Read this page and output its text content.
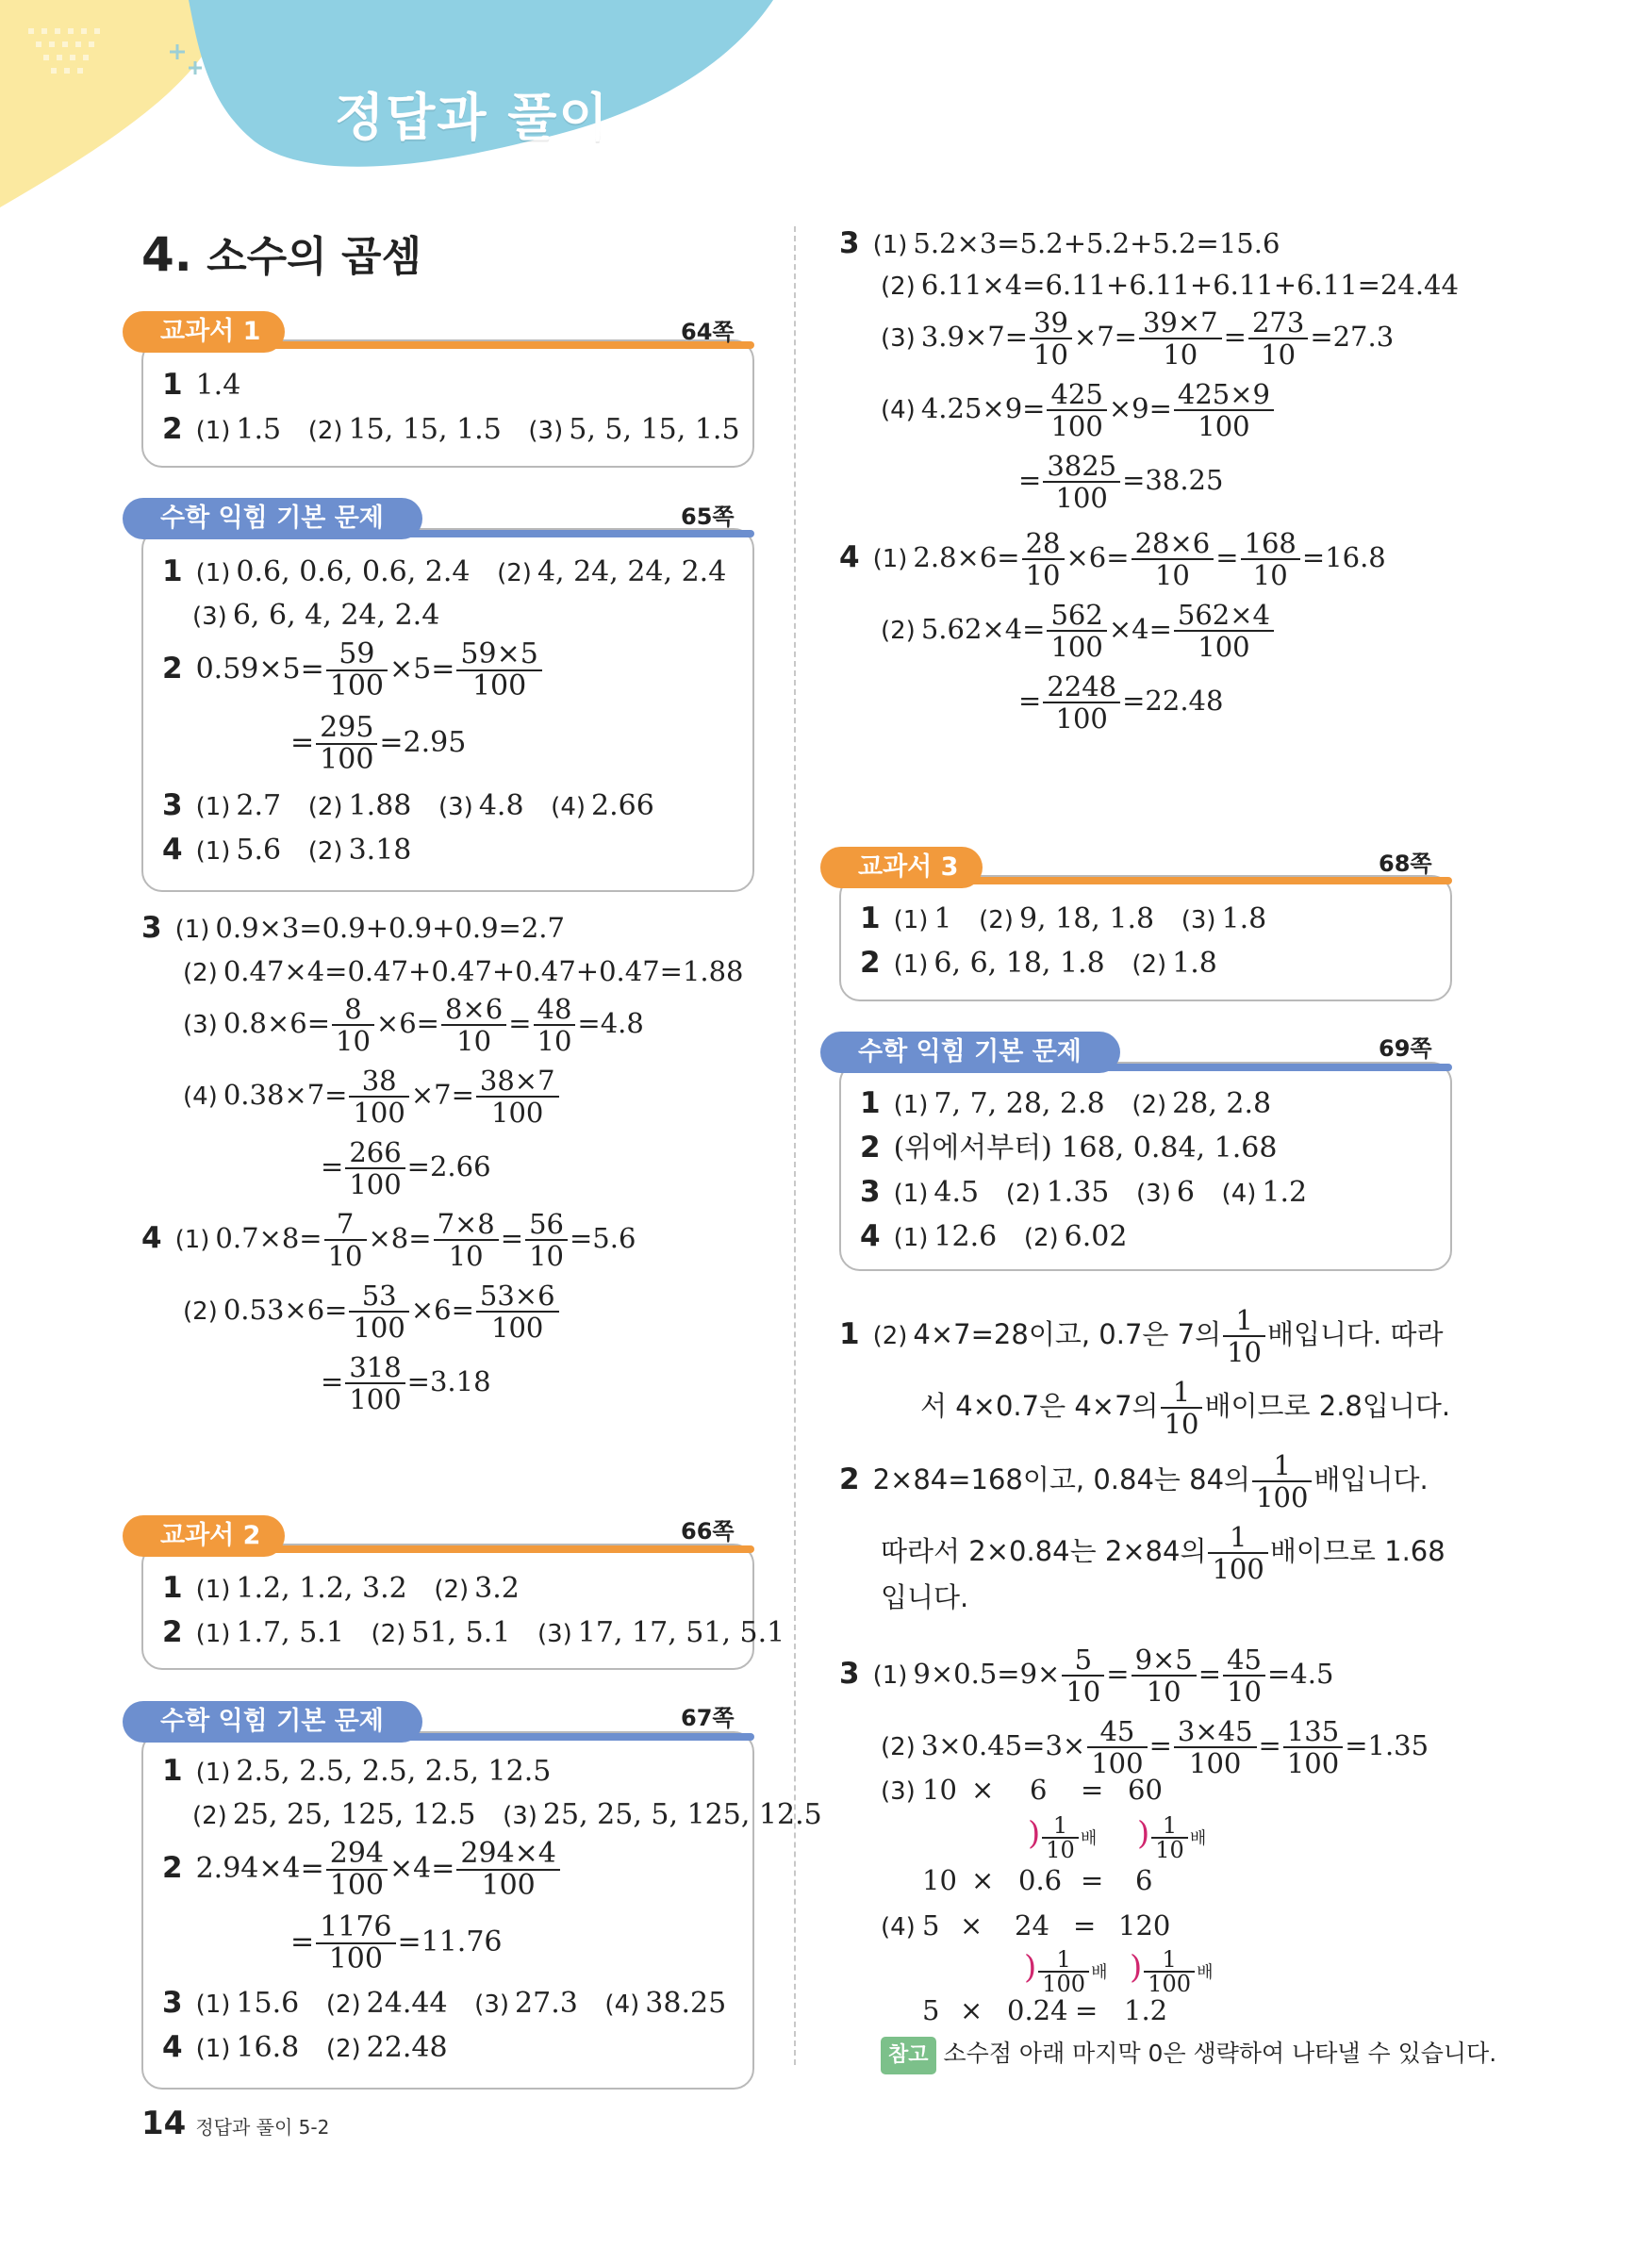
정답과 풀이
4. 소수의 곱셈
교과서 1	64쪽
1 1.4
2 (1) 1.5 (2) 15, 15, 1.5 (3) 5, 5, 15, 1.5
수학 익힘 기본 문제	65쪽
1 (1) 0.6, 0.6, 0.6, 2.4 (2) 4, 24, 24, 2.4
(3) 6, 6, 4, 24, 2.4
2 $0.59\times 5= \frac{59}{100} \times 5= \frac{59\times 5}{100}$
= $\frac{295}{100} =2.95$
3 (1) 2.7 (2) 1.88 (3) 4.8 (4) 2.66
4 (1) 5.6 (2) 3.18
3 (1) 0.9×3=0.9+0.9+0.9=2.7
(2) 0.47×4=0.47+0.47+0.47+0.47=1.88
(3) $0.8\times 6= \frac{8}{10} \times 6= \frac{8\times 6}{10} = \frac{48}{10} =4.8$
(4) $0.38\times 7= \frac{38}{100} \times 7= \frac{38\times 7}{100}$
= $\frac{266}{100} =2.66$
4 (1) $0.7\times 8= \frac{7}{10} \times 8= \frac{7\times 8}{10} = \frac{56}{10} =5.6$
(2) $0.53\times 6= \frac{53}{100} \times 6= \frac{53\times 6}{100}$
= $\frac{318}{100} =3.18$
교과서 2	66쪽
1 (1) 1.2, 1.2, 3.2 (2) 3.2
2 (1) 1.7, 5.1 (2) 51, 5.1 (3) 17, 17, 51, 5.1
수학 익힘 기본 문제	67쪽
1 (1) 2.5, 2.5, 2.5, 2.5, 12.5
(2) 25, 25, 125, 12.5 (3) 25, 25, 5, 125, 12.5
2 $2.94\times 4= \frac{294}{100} \times 4= \frac{294\times 4}{100}$
= $\frac{1176}{100} =11.76$
3 (1) 15.6 (2) 24.44 (3) 27.3 (4) 38.25
4 (1) 16.8 (2) 22.48
3 (1) 5.2×3=5.2+5.2+5.2=15.6
(2) 6.11×4=6.11+6.11+6.11+6.11=24.44
(3) $3.9\times 7= \frac{39}{10} \times 7= \frac{39\times 7}{10} = \frac{273}{10} =27.3$
(4) $4.25\times 9= \frac{425}{100} \times 9= \frac{425\times 9}{100}$
= $\frac{3825}{100} =38.25$
4 (1) $2.8\times 6= \frac{28}{10} \times 6= \frac{28\times 6}{10} = \frac{168}{10} =16.8$
(2) $5.62\times 4= \frac{562}{100} \times 4= \frac{562\times 4}{100}$
= $\frac{2248}{100} =22.48$
교과서 3	68쪽
1 (1) 1 (2) 9, 18, 1.8 (3) 1.8
2 (1) 6, 6, 18, 1.8 (2) 1.8
수학 익힘 기본 문제	69쪽
1 (1) 7, 7, 28, 2.8 (2) 28, 2.8
2 (위에서부터) 168, 0.84, 1.68
3 (1) 4.5 (2) 1.35 (3) 6 (4) 1.2
4 (1) 12.6 (2) 6.02
1 (2) 4×7=28이고, 0.7은 7의 $\frac{1}{10}$ 배입니다. 따라
서 4×0.7은 4×7의 $\frac{1}{10}$ 배이므로 2.8입니다.
2 2×84=168이고, 0.84는 84의 $\frac{1}{100}$ 배입니다.
따라서 2×0.84는 2×84의 $\frac{1}{100}$ 배이므로 1.68
입니다.
3 (1) $9\times 0.5=9\times \frac{5}{10} = \frac{9\times 5}{10} = \frac{45}{10} =4.5$
(2) $3\times 0.45=3\times \frac{45}{100} = \frac{3\times 45}{100} = \frac{135}{100} =1.35$
(3) 10 × 6 = 60
) $\frac{1}{10}$ 배 ) $\frac{1}{10}$ 배
10 × 0.6 = 6
(4) 5 × 24 = 120
) $\frac{1}{100}$ 배 ) $\frac{1}{100}$ 배
5 × 0.24 = 1.2
참고 소수점 아래 마지막 0은 생략하여 나타낼 수 있습니다.
14 정답과 풀이 5-2
